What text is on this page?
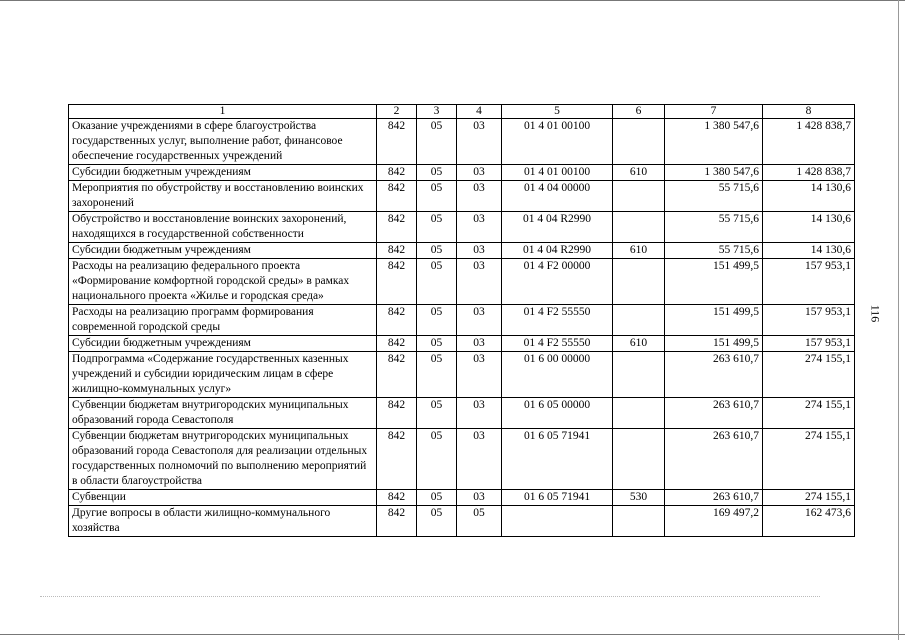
1	2	3	4	5	6	7	8
Оказание учреждениями в сфере благоустройства государственных услуг, выполнение работ, финансовое обеспечение государственных учреждений	842	05	03	01 4 01 00100		1 380 547,6	1 428 838,7
Субсидии бюджетным учреждениям	842	05	03	01 4 01 00100	610	1 380 547,6	1 428 838,7
Мероприятия по обустройству и восстановлению воинских захоронений	842	05	03	01 4 04 00000		55 715,6	14 130,6
Обустройство и восстановление воинских захоронений, находящихся в государственной собственности	842	05	03	01 4 04 R2990		55 715,6	14 130,6
Субсидии бюджетным учреждениям	842	05	03	01 4 04 R2990	610	55 715,6	14 130,6
Расходы на реализацию федерального проекта «Формирование комфортной городской среды» в рамках национального проекта «Жилье и городская среда»	842	05	03	01 4 F2 00000		151 499,5	157 953,1
Расходы на реализацию программ формирования современной городской среды	842	05	03	01 4 F2 55550		151 499,5	157 953,1
Субсидии бюджетным учреждениям	842	05	03	01 4 F2 55550	610	151 499,5	157 953,1
Подпрограмма «Содержание государственных казенных учреждений и субсидии юридическим лицам в сфере жилищно-коммунальных услуг»	842	05	03	01 6 00 00000		263 610,7	274 155,1
Субвенции бюджетам внутригородских муниципальных образований города Севастополя	842	05	03	01 6 05 00000		263 610,7	274 155,1
Субвенции бюджетам внутригородских муниципальных образований города Севастополя для реализации отдельных государственных полномочий по выполнению мероприятий в области благоустройства	842	05	03	01 6 05 71941		263 610,7	274 155,1
Субвенции	842	05	03	01 6 05 71941	530	263 610,7	274 155,1
Другие вопросы в области жилищно-коммунального хозяйства	842	05	05			169 497,2	162 473,6
116
